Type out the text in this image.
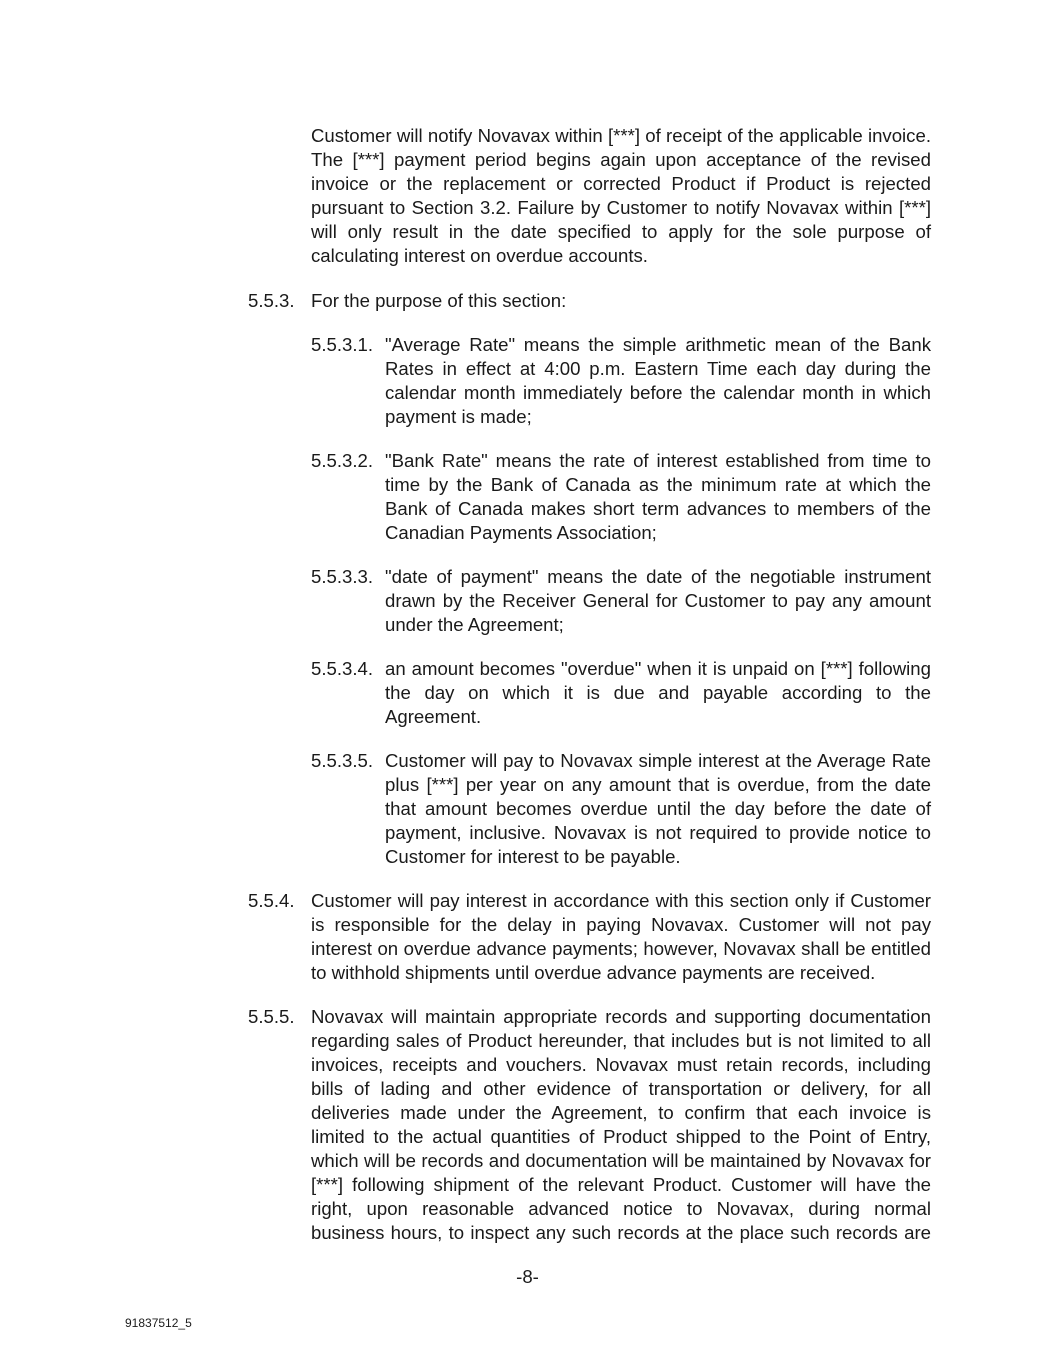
Customer will notify Novavax within [***] of receipt of the applicable invoice. The [***] payment period begins again upon acceptance of the revised invoice or the replacement or corrected Product if Product is rejected pursuant to Section 3.2. Failure by Customer to notify Novavax within [***] will only result in the date specified to apply for the sole purpose of calculating interest on overdue accounts.

5.5.3. For the purpose of this section:

5.5.3.1. "Average Rate" means the simple arithmetic mean of the Bank Rates in effect at 4:00 p.m. Eastern Time each day during the calendar month immediately before the calendar month in which payment is made;

5.5.3.2. "Bank Rate" means the rate of interest established from time to time by the Bank of Canada as the minimum rate at which the Bank of Canada makes short term advances to members of the Canadian Payments Association;

5.5.3.3. "date of payment" means the date of the negotiable instrument drawn by the Receiver General for Customer to pay any amount under the Agreement;

5.5.3.4. an amount becomes "overdue" when it is unpaid on [***] following the day on which it is due and payable according to the Agreement.

5.5.3.5. Customer will pay to Novavax simple interest at the Average Rate plus [***] per year on any amount that is overdue, from the date that amount becomes overdue until the day before the date of payment, inclusive. Novavax is not required to provide notice to Customer for interest to be payable.

5.5.4. Customer will pay interest in accordance with this section only if Customer is responsible for the delay in paying Novavax. Customer will not pay interest on overdue advance payments; however, Novavax shall be entitled to withhold shipments until overdue advance payments are received.

5.5.5. Novavax will maintain appropriate records and supporting documentation regarding sales of Product hereunder, that includes but is not limited to all invoices, receipts and vouchers. Novavax must retain records, including bills of lading and other evidence of transportation or delivery, for all deliveries made under the Agreement, to confirm that each invoice is limited to the actual quantities of Product shipped to the Point of Entry, which will be records and documentation will be maintained by Novavax for [***] following shipment of the relevant Product. Customer will have the right, upon reasonable advanced notice to Novavax, during normal business hours, to inspect any such records at the place such records are

-8-
91837512_5
